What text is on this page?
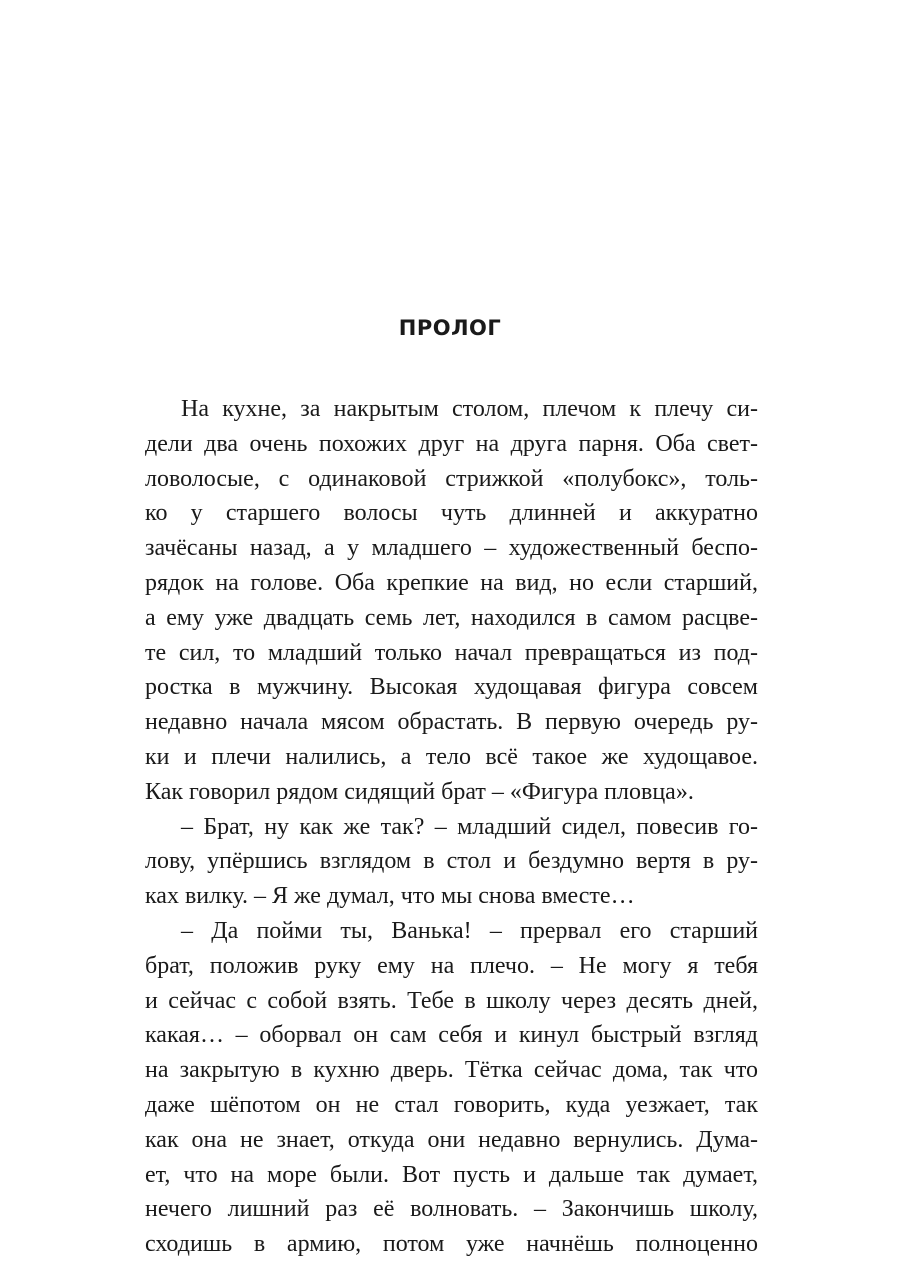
ПРОЛОГ
На кухне, за накрытым столом, плечом к плечу си-
дели два очень похожих друг на друга парня. Оба свет-
ловолосые, с одинаковой стрижкой «полубокс», толь-
ко у старшего волосы чуть длинней и аккуратно
зачёсаны назад, а у младшего – художественный беспо-
рядок на голове. Оба крепкие на вид, но если старший,
а ему уже двадцать семь лет, находился в самом расцве-
те сил, то младший только начал превращаться из под-
ростка в мужчину. Высокая худощавая фигура совсем
недавно начала мясом обрастать. В первую очередь ру-
ки и плечи налились, а тело всё такое же худощавое.
Как говорил рядом сидящий брат – «Фигура пловца».
– Брат, ну как же так? – младший сидел, повесив го-
лову, упёршись взглядом в стол и бездумно вертя в ру-
ках вилку. – Я же думал, что мы снова вместе…
– Да пойми ты, Ванька! – прервал его старший
брат, положив руку ему на плечо. – Не могу я тебя
и сейчас с собой взять. Тебе в школу через десять дней,
какая… – оборвал он сам себя и кинул быстрый взгляд
на закрытую в кухню дверь. Тётка сейчас дома, так что
даже шёпотом он не стал говорить, куда уезжает, так
как она не знает, откуда они недавно вернулись. Дума-
ет, что на море были. Вот пусть и дальше так думает,
нечего лишний раз её волновать. – Закончишь школу,
сходишь в армию, потом уже начнёшь полноценно
